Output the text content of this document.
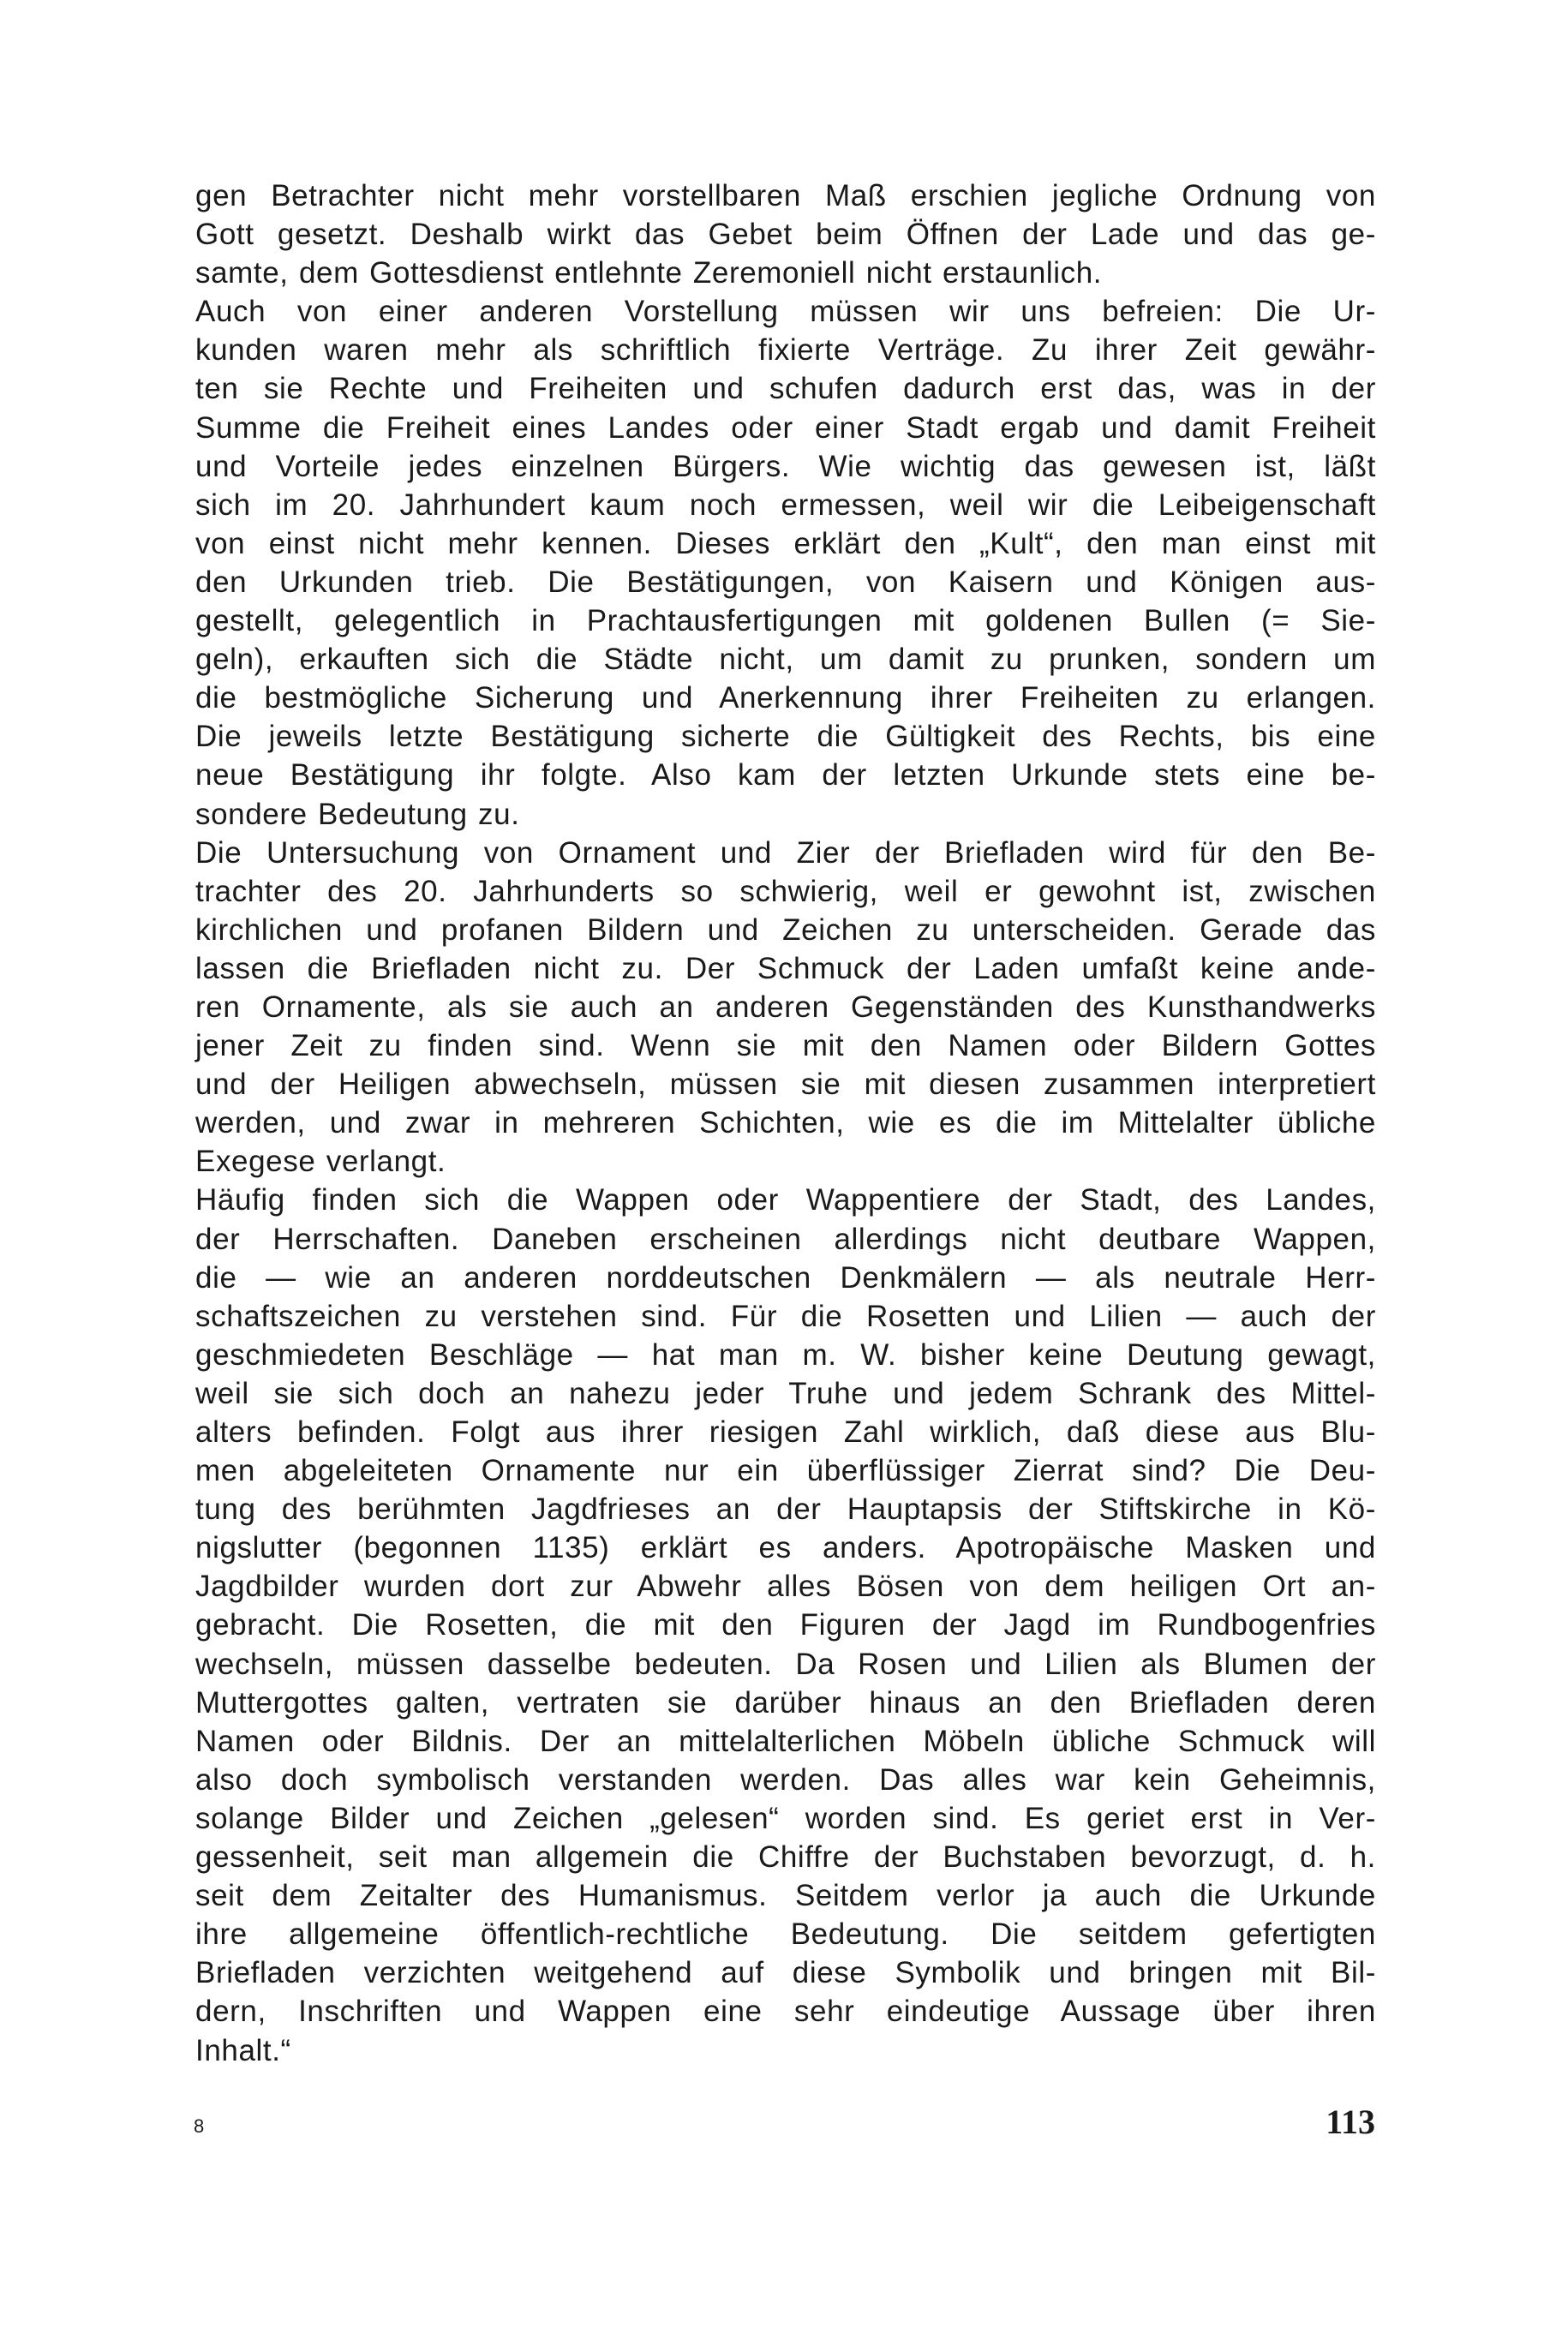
gen Betrachter nicht mehr vorstellbaren Maß erschien jegliche Ordnung von
Gott gesetzt. Deshalb wirkt das Gebet beim Öffnen der Lade und das ge-
samte, dem Gottesdienst entlehnte Zeremoniell nicht erstaunlich.
Auch von einer anderen Vorstellung müssen wir uns befreien: Die Ur-
kunden waren mehr als schriftlich fixierte Verträge. Zu ihrer Zeit gewähr-
ten sie Rechte und Freiheiten und schufen dadurch erst das, was in der
Summe die Freiheit eines Landes oder einer Stadt ergab und damit Freiheit
und Vorteile jedes einzelnen Bürgers. Wie wichtig das gewesen ist, läßt
sich im 20. Jahrhundert kaum noch ermessen, weil wir die Leibeigenschaft
von einst nicht mehr kennen. Dieses erklärt den „Kult“, den man einst mit
den Urkunden trieb. Die Bestätigungen, von Kaisern und Königen aus-
gestellt, gelegentlich in Prachtausfertigungen mit goldenen Bullen (= Sie-
geln), erkauften sich die Städte nicht, um damit zu prunken, sondern um
die bestmögliche Sicherung und Anerkennung ihrer Freiheiten zu erlangen.
Die jeweils letzte Bestätigung sicherte die Gültigkeit des Rechts, bis eine
neue Bestätigung ihr folgte. Also kam der letzten Urkunde stets eine be-
sondere Bedeutung zu.
Die Untersuchung von Ornament und Zier der Briefladen wird für den Be-
trachter des 20. Jahrhunderts so schwierig, weil er gewohnt ist, zwischen
kirchlichen und profanen Bildern und Zeichen zu unterscheiden. Gerade das
lassen die Briefladen nicht zu. Der Schmuck der Laden umfaßt keine ande-
ren Ornamente, als sie auch an anderen Gegenständen des Kunsthandwerks
jener Zeit zu finden sind. Wenn sie mit den Namen oder Bildern Gottes
und der Heiligen abwechseln, müssen sie mit diesen zusammen interpretiert
werden, und zwar in mehreren Schichten, wie es die im Mittelalter übliche
Exegese verlangt.
Häufig finden sich die Wappen oder Wappentiere der Stadt, des Landes,
der Herrschaften. Daneben erscheinen allerdings nicht deutbare Wappen,
die — wie an anderen norddeutschen Denkmälern — als neutrale Herr-
schaftszeichen zu verstehen sind. Für die Rosetten und Lilien — auch der
geschmiedeten Beschläge — hat man m. W. bisher keine Deutung gewagt,
weil sie sich doch an nahezu jeder Truhe und jedem Schrank des Mittel-
alters befinden. Folgt aus ihrer riesigen Zahl wirklich, daß diese aus Blu-
men abgeleiteten Ornamente nur ein überflüssiger Zierrat sind? Die Deu-
tung des berühmten Jagdfrieses an der Hauptapsis der Stiftskirche in Kö-
nigslutter (begonnen 1135) erklärt es anders. Apotropäische Masken und
Jagdbilder wurden dort zur Abwehr alles Bösen von dem heiligen Ort an-
gebracht. Die Rosetten, die mit den Figuren der Jagd im Rundbogenfries
wechseln, müssen dasselbe bedeuten. Da Rosen und Lilien als Blumen der
Muttergottes galten, vertraten sie darüber hinaus an den Briefladen deren
Namen oder Bildnis. Der an mittelalterlichen Möbeln übliche Schmuck will
also doch symbolisch verstanden werden. Das alles war kein Geheimnis,
solange Bilder und Zeichen „gelesen“ worden sind. Es geriet erst in Ver-
gessenheit, seit man allgemein die Chiffre der Buchstaben bevorzugt, d. h.
seit dem Zeitalter des Humanismus. Seitdem verlor ja auch die Urkunde
ihre allgemeine öffentlich-rechtliche Bedeutung. Die seitdem gefertigten
Briefladen verzichten weitgehend auf diese Symbolik und bringen mit Bil-
dern, Inschriften und Wappen eine sehr eindeutige Aussage über ihren
Inhalt.“
8	113
